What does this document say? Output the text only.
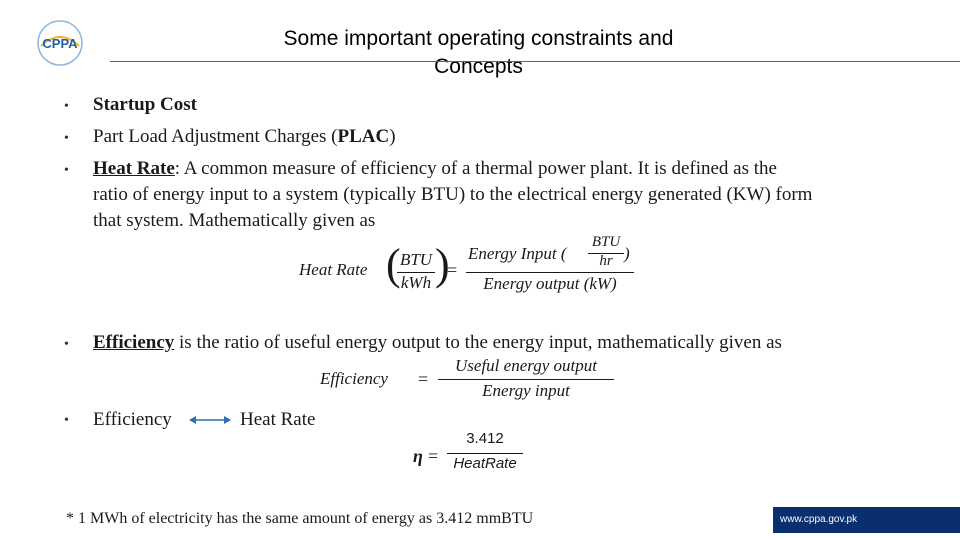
CPPA	Some important operating constraints and
Concepts
• Startup Cost
• Part Load Adjustment Charges (PLAC)
• Heat Rate: A common measure of efficiency of a thermal power plant. It is defined as the
ratio of energy input to a system (typically BTU) to the electrical energy generated (KW) form
that system. Mathematically given as
Heat Rate ( BTU
kWh )
=
Energy Input (
BTU
hr )
Energy output (kW)
• Efficiency is the ratio of useful energy output to the energy input, mathematically given as
Efficiency =
Useful energy output
Energy input
• Efficiency	Heat Rate
η =
3.412
HeatRate
* 1 MWh of electricity has the same amount of energy as 3.412 mmBTU	www.cppa.gov.pk
